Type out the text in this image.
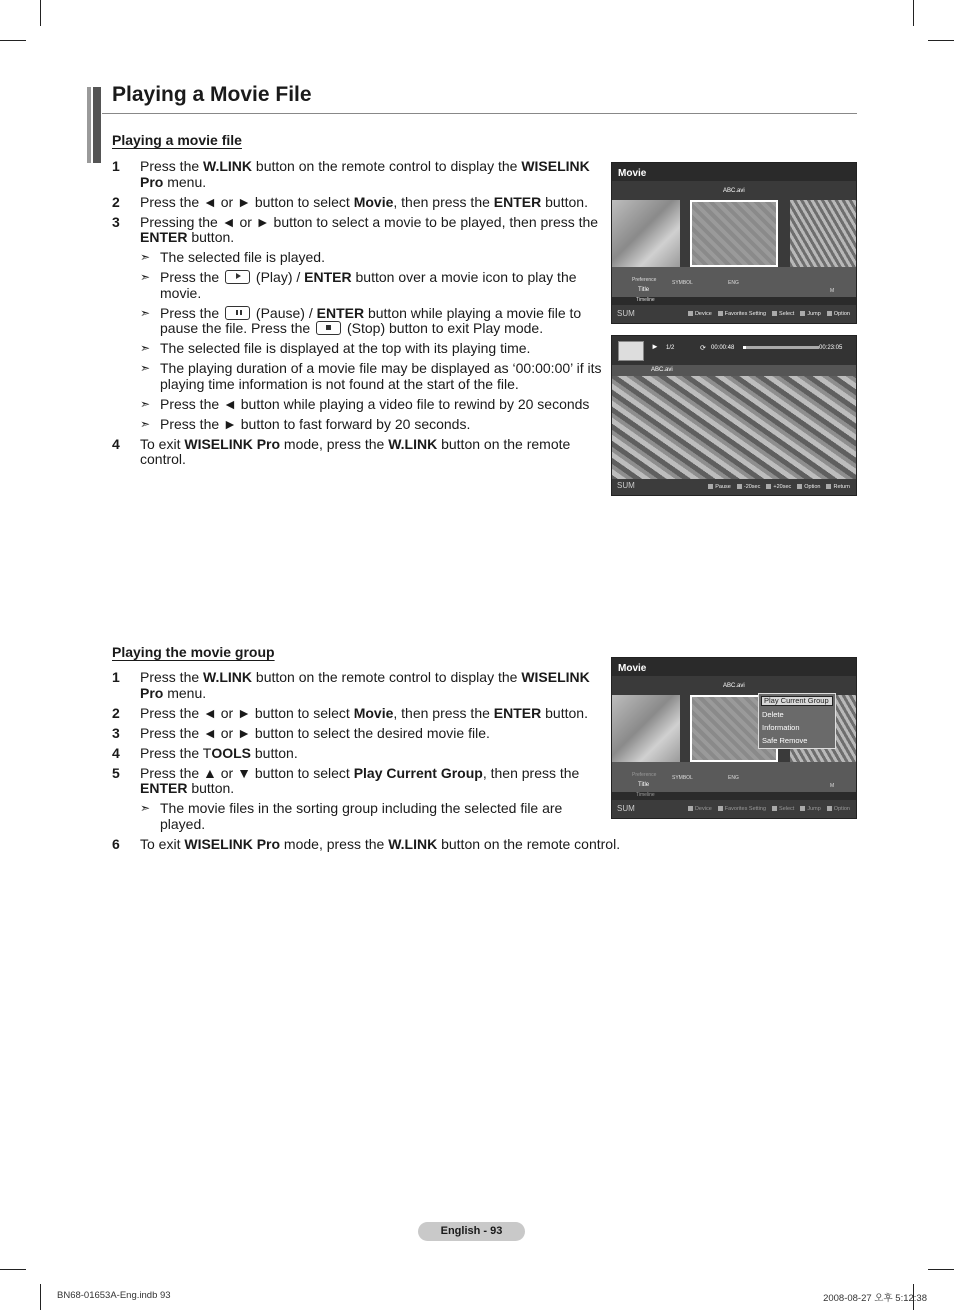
Playing a Movie File
Playing a movie file
1 Press the W.LINK button on the remote control to display the WISELINK Pro menu.
2 Press the ◄ or ► button to select Movie, then press the ENTER button.
3 Pressing the ◄ or ► button to select a movie to be played, then press the ENTER button.
➣ The selected file is played.
➣ Press the  (Play) / ENTER button over a movie icon to play the movie.
➣ Press the  (Pause) / ENTER button while playing a movie file to pause the file. Press the  (Stop) button to exit Play mode.
➣ The selected file is displayed at the top with its playing time.
➣ The playing duration of a movie file may be displayed as ‘00:00:00’ if its playing time information is not found at the start of the file.
➣ Press the ◄ button while playing a video file to rewind by 20 seconds
➣ Press the ► button to fast forward by 20 seconds.
4 To exit WISELINK Pro mode, press the W.LINK button on the remote control.
Movie
ABC.avi
Preference
Title
Timeline
SYMBOL	ENG
M
SUM	Device Favorites Setting Select Jump Option
► 1/2	⟳ 00:00:48	00:23:05
ABC.avi
SUM	Pause -20sec +20sec Option Return
Playing the movie group
1 Press the W.LINK button on the remote control to display the WISELINK Pro menu.
2 Press the ◄ or ► button to select Movie, then press the ENTER button.
3 Press the ◄ or ► button to select the desired movie file.
4 Press the TOOLS button.
5 Press the ▲ or ▼ button to select Play Current Group, then press the ENTER button.
➣ The movie files in the sorting group including the selected file are played.
6 To exit WISELINK Pro mode, press the W.LINK button on the remote control.
Movie
ABC.avi
Play Current Group
Delete
Information
Safe Remove
Preference
Title
Timeline
SYMBOL	ENG
M
SUM	Device Favorites Setting Select Jump Option
English - 93
BN68-01653A-Eng.indb 93	2008-08-27 오후 5:12:38
